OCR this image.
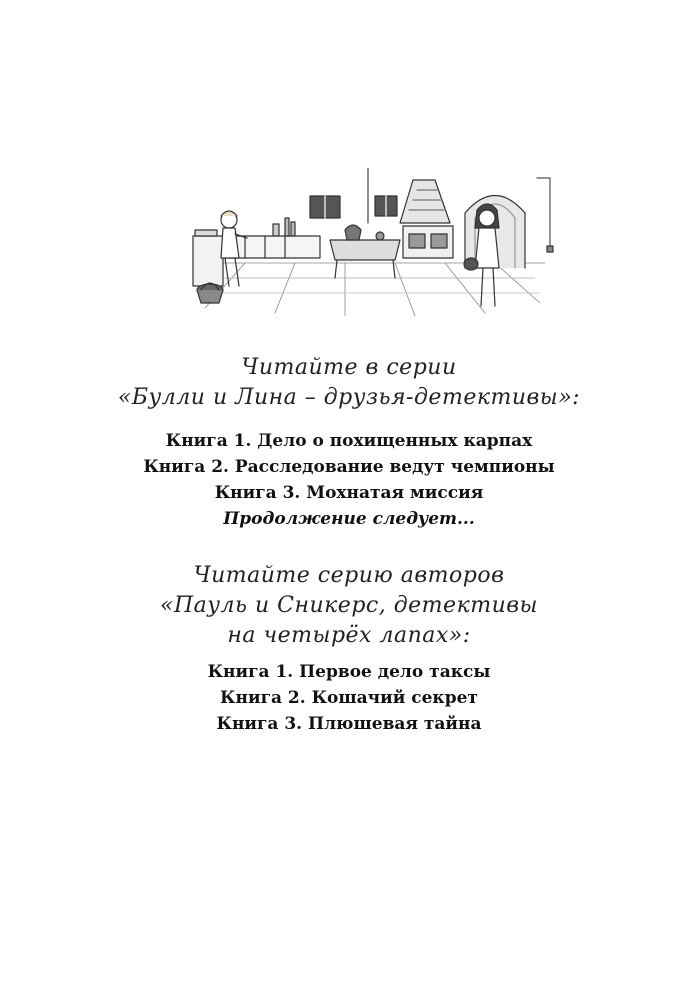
Читайте в серии
«Булли и Лина – друзья-детективы»:
Книга 1. Дело о похищенных карпах
Книга 2. Расследование ведут чемпионы
Книга 3. Мохнатая миссия
Продолжение следует...
Читайте серию авторов
«Пауль и Сникерс, детективы
на четырёх лапах»:
Книга 1. Первое дело таксы
Книга 2. Кошачий секрет
Книга 3. Плюшевая тайна
